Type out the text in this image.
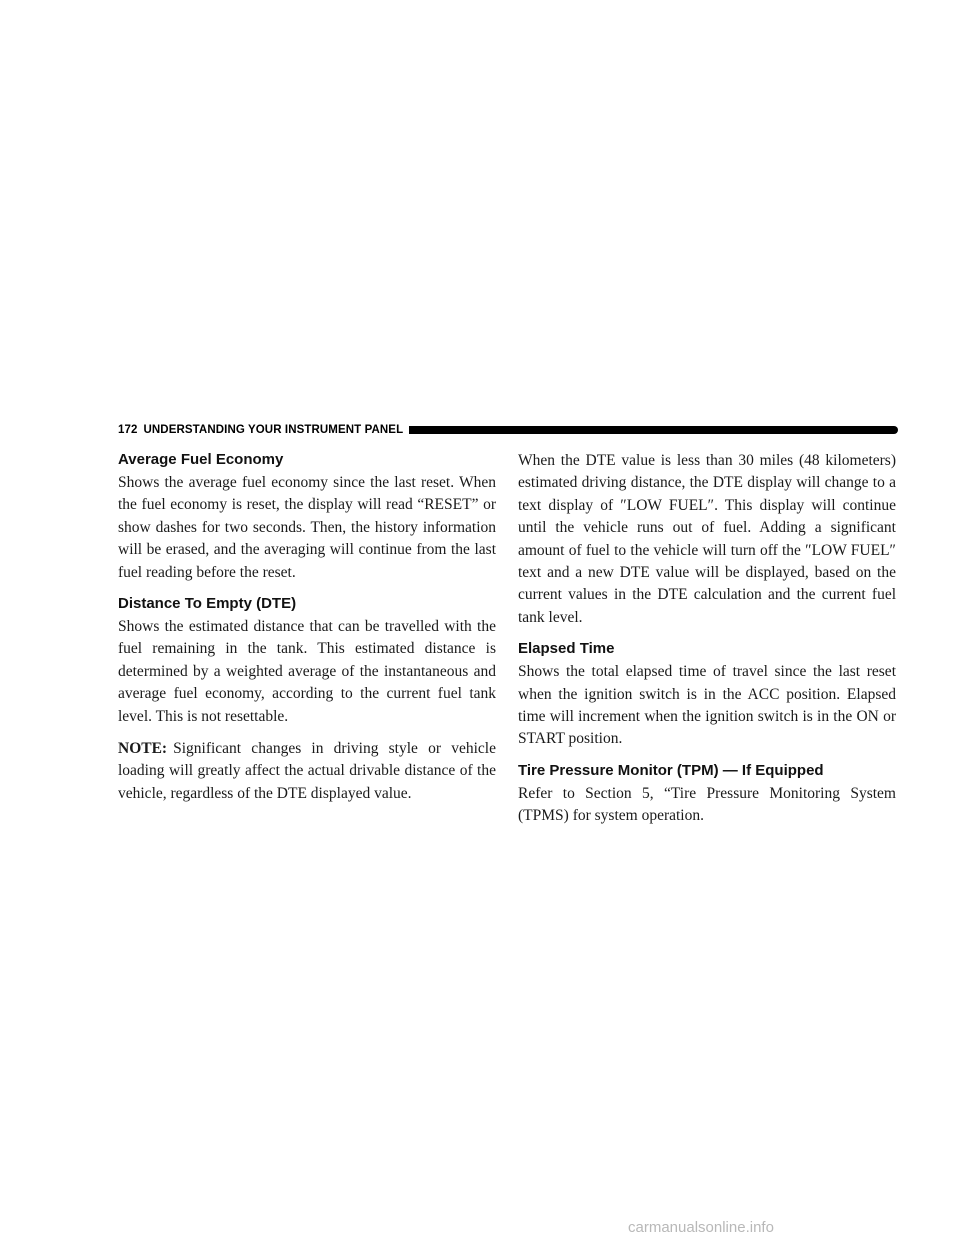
172 UNDERSTANDING YOUR INSTRUMENT PANEL
Average Fuel Economy

Shows the average fuel economy since the last reset. When the fuel economy is reset, the display will read “RESET” or show dashes for two seconds. Then, the history information will be erased, and the averaging will continue from the last fuel reading before the reset.

Distance To Empty (DTE)

Shows the estimated distance that can be travelled with the fuel remaining in the tank. This estimated distance is determined by a weighted average of the instantaneous and average fuel economy, according to the current fuel tank level. This is not resettable.

NOTE: Significant changes in driving style or vehicle loading will greatly affect the actual drivable distance of the vehicle, regardless of the DTE displayed value.

When the DTE value is less than 30 miles (48 kilometers) estimated driving distance, the DTE display will change to a text display of ″LOW FUEL″. This display will continue until the vehicle runs out of fuel. Adding a significant amount of fuel to the vehicle will turn off the ″LOW FUEL″ text and a new DTE value will be displayed, based on the current values in the DTE calculation and the current fuel tank level.

Elapsed Time

Shows the total elapsed time of travel since the last reset when the ignition switch is in the ACC position. Elapsed time will increment when the ignition switch is in the ON or START position.

Tire Pressure Monitor (TPM) — If Equipped

Refer to Section 5, “Tire Pressure Monitoring System (TPMS) for system operation.

carmanualsonline.info
